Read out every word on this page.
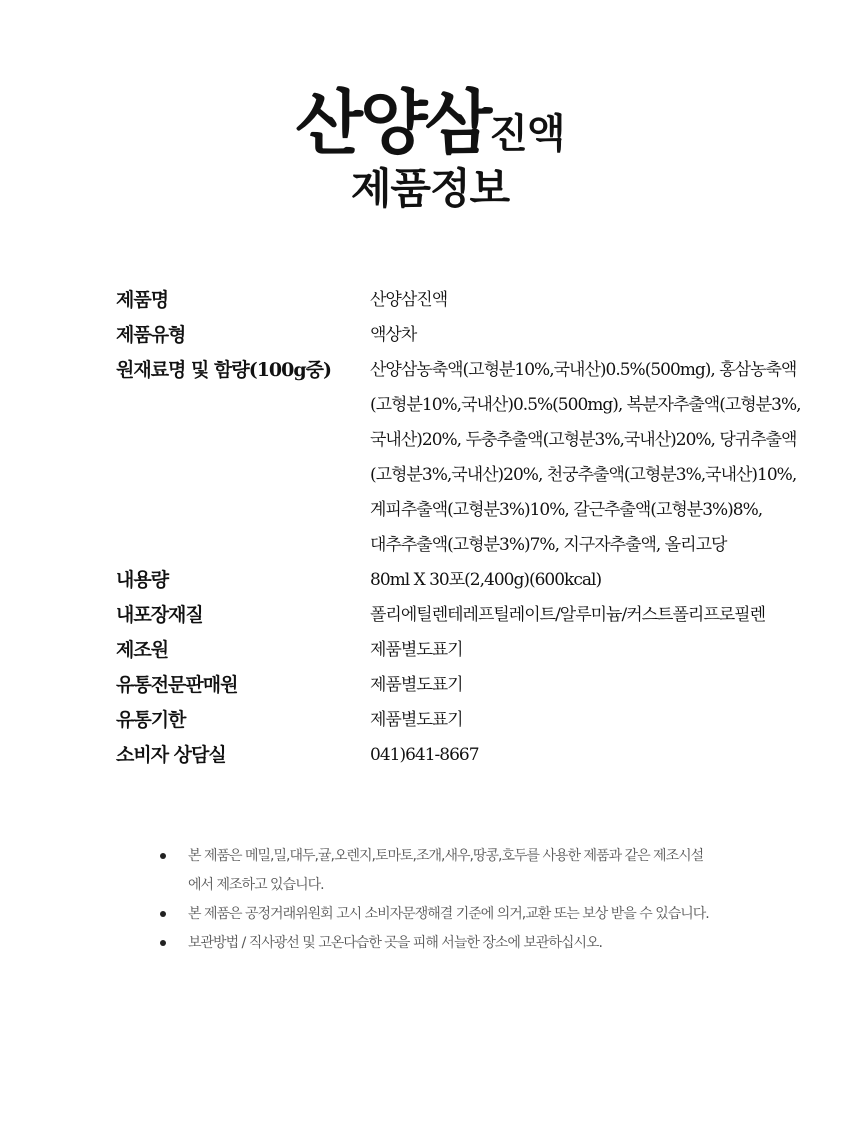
산양삼진액
제품정보
제품명	산양삼진액
제품유형	액상차
원재료명 및 함량(100g중)	산양삼농축액(고형분10%,국내산)0.5%(500mg), 홍삼농축액(고형분10%,국내산)0.5%(500mg), 복분자추출액(고형분3%,국내산)20%, 두충추출액(고형분3%,국내산)20%, 당귀추출액(고형분3%,국내산)20%, 천궁추출액(고형분3%,국내산)10%, 계피추출액(고형분3%)10%, 갈근추출액(고형분3%)8%, 대추추출액(고형분3%)7%, 지구자추출액, 올리고당
내용량	80ml X 30포(2,400g)(600kcal)
내포장재질	폴리에틸렌테레프틸레이트/알루미늄/커스트폴리프로필렌
제조원	제품별도표기
유통전문판매원	제품별도표기
유통기한	제품별도표기
소비자 상담실	041)641-8667
본 제품은 메밀,밀,대두,귤,오렌지,토마토,조개,새우,땅콩,호두를 사용한 제품과 같은 제조시설에서 제조하고 있습니다.
본 제품은 공정거래위원회 고시 소비자문쟁해결 기준에 의거,교환 또는 보상 받을 수 있습니다.
보관방법 / 직사광선 및 고온다습한 곳을 피해 서늘한 장소에 보관하십시오.
